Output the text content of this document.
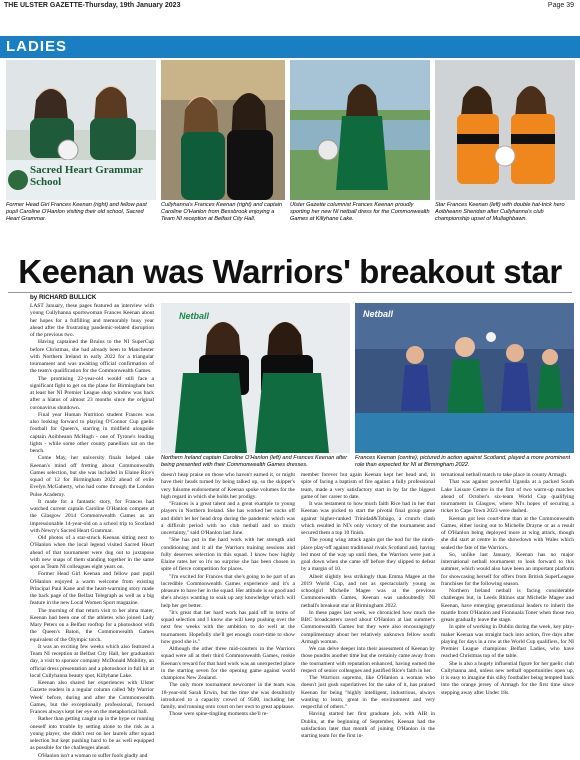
THE ULSTER GAZETTE-Thursday, 19th January 2023	Page 39
LADIES
Sacred Heart Grammar School
Former Head Girl Frances Keenan (right) and fellow past pupil Caroline O'Hanlon visiting their old school, Sacred Heart Grammar.
Cullyhanna's Frances Keenan (right) and captain Caroline O'Hanlon from Bessbrook enjoying a Team NI reception at Belfast City Hall.
Ulster Gazette columnist Frances Keenan proudly sporting her new NI netball dress for the Commonwealth Games at Killyhane Lake.
Star Frances Keenan (left) with double hat-trick hero Aoibheann Sheridan after Cullyhanna's club championship upset of Mullaghbawn.
Keenan was Warriors' breakout star
by RICHARD BULLICK

LAST January, these pages featured an interview with young Cullyhanna sportswoman Frances Keenan about her hopes for a fulfilling and memorably busy year ahead after the frustrating pandemic-related disruption of the previous two.

Having captained the Bruins to the NI SuperCup before Christmas, she had already been to Manchester with Northern Ireland in early 2022 for a triangular tournament and was awaiting official confirmation of the team's qualification for the Commonwealth Games.

The promising 22-year-old would still face a significant fight to get on the plane for Birmingham but at least her NI Premier League shop window was back after a hiatus of almost 23 months since the original coronavirus shutdown.

Final year Human Nutrition student Frances was also looking forward to playing O'Connor Cup gaelic football for Queen's, starring in midfield alongside captain Aoibheann McHugh - one of Tyrone's leading lights - while some other county panellists sat on the bench.

Come May, her university finals helped take Keenan's mind off fretting about Commonwealth Games selection, but she was included in Elaine Rice's squad of 12 for Birmingham 2022 ahead of exile Evelyn McGaherty, who had come through the London Pulse Academy.

It made for a fantastic story, for Frances had watched current captain Caroline O'Hanlon compete at the Glasgow 2014 Commonwealth Games as an impressionable 14-year-old on a school trip to Scotland with Newry's Sacred Heart Grammar.

Old photos of a star-struck Keenan sitting next to O'Hanlon when the local legend visited Sacred Heart ahead of that tournament were dug out to juxtapose with new snaps of them standing together in the same spot as Team NI colleagues eight years on.

Former Head Girl Keenan and fellow past pupil O'Hanlon enjoyed a warm welcome from existing Principal Paul Kane and the heart-warming story made the back page of the Belfast Telegraph as well as a big feature in the new Local Women Sport magazine.

The morning of that return visit to her alma mater, Keenan had been one of the athletes who joined Lady Mary Peters on a Belfast rooftop for a photoshoot with the Queen's Baton, the Commonwealth Games equivalent of the Olympic torch.

It was an exciting few weeks which also featured a Team NI reception at Belfast City Hall, her graduation day, a visit to sponsor company McDonald Mobility, an official dress presentation and a photoshoot in full kit at local Cullyhanna beauty spot, Killyhane Lake.

Keenan also shared her experiences with Ulster Gazette readers in a regular column called 'My Warrior Week' before, during and after the Commonwealth Games, but the exceptionally professional, focused Frances always kept her eye on the metaphorical ball.

Rather than getting caught up in the hype or running oneself into trouble by setting alone to the risk as a young player, she didn't rest on her laurels after squad selection but kept pushing hard to be as well equipped as possible for the challenges ahead.

O'Hanlon isn't a woman to suffer fools gladly and

Netball
Northern Ireland captain Caroline O'Hanlon (left) and Frances Keenan after being presented with their Commonwealth Games dresses.
Netball
Frances Keenan (centre), pictured in action against Scotland, played a more prominent role than expected for NI at Birmingham 2022.

doesn't heap praise on those who haven't earned it, or might have their heads turned by being talked up, so the skipper's very fulsome endorsement of Keenan spoke volumes for the high regard in which she holds her prodigy.

"Frances is a great talent and a great example to young players in Northern Ireland. She has worked her socks off and didn't let her head drop during the pandemic which was a difficult period with no club netball and so much uncertainty," said O'Hanlon last June.

"She has put in the hard work with her strength and conditioning and it all the Warriors training sessions and fully deserves selection in this squad. I know how highly Elaine rates her so it's no surprise she has been chosen in spite of fierce competition for places.

"I'm excited for Frances that she's going to be part of an incredible Commonwealth Games experience and it's a pleasure to have her in the squad. Her attitude is so good and she's always wanting to soak up any knowledge which will help her get better.

"It's great that her hard work has paid off in terms of squad selection and I know she will keep pushing over the next few weeks with the ambition to do well at the tournament. Hopefully she'll get enough court-time to show how good she is."

Although the other three mid-courters in the Warriors squad were all at their third Commonwealth Games, rookie Keenan's reward for that hard work was an unexpected place in the starting seven for the opening game against world champions New Zealand.

The only more tournament newcomer in the team was 18-year-old Sarah Erwin, but the time she was desultorily introduced to a capacity crowd of 9500, including her family, and running onto court on her own to great applause.

Those were spine-tingling moments she'll re-

member forever but again Keenan kept her head and, in spite of facing a baptism of fire against a fully professional team, made a very satisfactory start in by far the biggest game of her career to date.

It was testament to how much faith Rice had in her that Keenan was picked to start the pivotal final group game against higher-ranked Trinidad&Tobago, a crunch clash which resulted in NI's only victory of the tournament and secured them a top 10 finish.

The young wing attack again got the nod for the ninth-place play-off against traditional rivals Scotland and, having led most of the way up until then, the Warriors were just a goal down when she came off before they slipped to defeat by a margin of 10.

Albeit slightly less strikingly than Emma Magee at the 2019 World Cup, and not as spectacularly young as schoolgirl Michelle Magee was at the previous Commonwealth Games, Keenan was undoubtedly NI netball's breakout star at Birmingham 2022.

In these pages last week, we chronicled how much the BBC broadcasters raved about O'Hanlon at last summer's Commonwealth Games but they were also encouragingly complimentary about her relatively unknown fellow south Armagh woman.

We can delve deeper into their assessment of Keenan by those pundits another time but she certainly came away from the tournament with reputation enhanced, having earned the respect of senior colleagues and justified Rice's faith in her.

The Warriors supremo, like O'Hanlon a woman who doesn't just gush superlatives for the sake of it, has praised Keenan for being "highly intelligent, industrious, always wanting to learn, great in the environment and very respectful of others."

Having started her first graduate job, with AIB in Dublin, at the beginning of September, Keenan had the satisfaction later that month of joining O'Hanlon in the starting team for the first in-

ternational netball match to take place in county Armagh.

That was against powerful Uganda at a packed South Lake Leisure Centre in the first of two warm-up matches ahead of October's six-team World Cup qualifying tournament in Glasgow, where NI's hopes of securing a ticket to Cape Town 2023 were dashed.

Keenan got less court-time than at the Commonwealth Games, either losing out to Michelle Drayne or as a result of O'Hanlon being deployed more at wing attack, though she did start at centre in the showdown with Wales which sealed the fate of the Warriors.

So, unlike last January, Keenan has no major international netball tournament to look forward to this summer, which would also have been an important platform for showcasing herself for offers from British SuperLeague franchises for the following season.

Northern Ireland netball is facing considerable challenges but, in Leeds Rhinos star Michelle Magee and Keenan, have emerging generational leaders to inherit the mantle from O'Hanlon and Fionnuala Toner when those two greats gradually leave the stage.

In spite of working in Dublin during the week, key play-maker Keenan was straight back into action, five days after playing for days in a row at the World Cup qualifiers, for NI Premier League champions Belfast Ladies, who have reached Christmas top of the table.

She is also a hugely influential figure for her gaelic club Cullyhanna and, unless new netball opportunities open up, it is easy to imagine this silky footballer being tempted back into the orange jersey of Armagh for the first time since stepping away after Under 18s.
